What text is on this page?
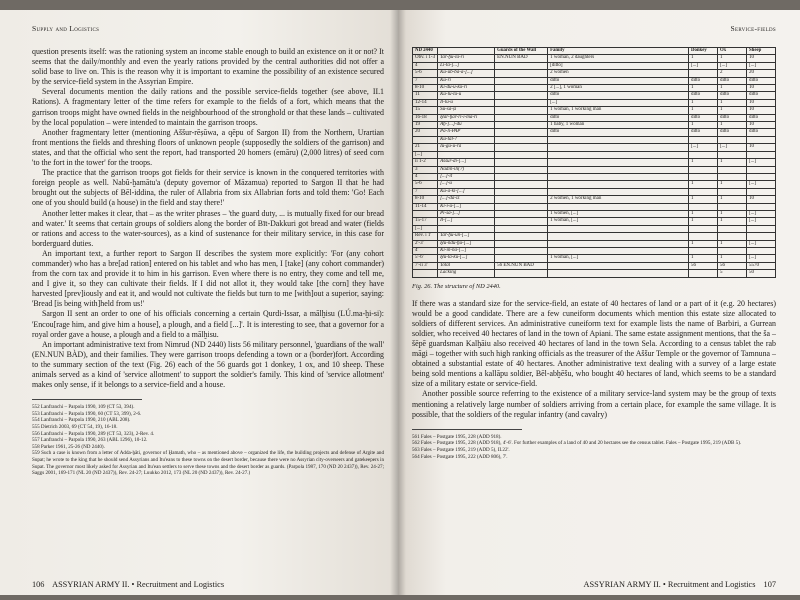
Supply and Logistics

question presents itself: was the rationing system an income stable enough to build an existence on it or not? It seems that the daily/monthly and even the yearly rations provided by the central authorities did not offer a solid base to live on. This is the reason why it is important to examine the possibility of an existence secured by the service-field system in the Assyrian Empire.

Several documents mention the daily rations and the possible service-fields together (see above, II.1 Rations). A fragmentary letter of the time refers for example to the fields of a fort, which means that the garrison troops might have owned fields in the neighbourhood of the stronghold or that these lands – cultivated by the local population – were intended to maintain the garrison troops.

Another fragmentary letter (mentioning Aššur-rēṣūwa, a qēpu of Sargon II) from the Northern, Urartian front mentions the fields and threshing floors of unknown people (supposedly the soldiers of the garrison) and states, and that the official who sent the report, had transported 20 homers (emāru) (2,000 litres) of seed corn 'to the fort in the tower' for the troops.

The practice that the garrison troops got fields for their service is known in the conquered territories with foreign people as well. Nabû-ḫamātu'a (deputy governor of Māzamua) reported to Sargon II that he had brought out the subjects of Bēl-iddina, the ruler of Allabria from six Allabrian forts and told them: 'Go! Each one of you should build (a house) in the field and stay there!'

Another letter makes it clear, that – as the writer phrases – 'the guard duty, ... is mutually fixed for our bread and water.' It seems that certain groups of soldiers along the border of Bīt-Dakkuri got bread and water (fields or rations and access to the water-sources), as a kind of sustenance for their military service, in this case for borderguard duties.

An important text, a further report to Sargon II describes the system more explicitly: 'For (any cohort commander) who has a bre[ad ration] entered on his tablet and who has men, I [take] (any cohort commander) from the corn tax and provide it to him in his garrison. Even where there is no entry, they come and tell me, and I give it, so they can cultivate their fields. If I did not allot it, they would take [the corn] they have harvested [prev]iously and eat it, and would not cultivate the fields but turn to me [with]out a superior, saying: 'Bread [is being with]held from us!'

Sargon II sent an order to one of his officials concerning a certain Qurdi-Issar, a mālḫisu (LÚ.ma-ḫi-si): 'Encou[rage him, and give him a house], a plough, and a field [...]'. It is interesting to see, that a governor for a royal order gave a house, a plough and a field to a mālḫisu.

An important administrative text from Nimrud (ND 2440) lists 56 military personnel, 'guardians of the wall' (EN.NUN BÀD), and their families. They were garrison troops defending a town or a (border)fort. According to the summary section of the text (Fig. 26) each of the 56 guards got 1 donkey, 1 ox, and 10 sheep. These animals served as a kind of 'service allotment' to support the soldier's family. This kind of 'service allotment' makes only sense, if it belongs to a service-field and a house.

552 Lanfranchi – Parpola 1990, 109 (CT 53, 394).

553 Lanfranchi – Parpola 1990, 60 (CT 53, 399), 2-6.

554 Lanfranchi – Parpola 1990, 210 (ABL 208).

555 Dietrich 2003, 69 (CT 54, 19), 16-18.

556 Lanfranchi – Parpola 1990, 289 (CT 53, 323), 2-Rev. 4.

557 Lanfranchi – Parpola 1990, 263 (ABL 1296), 10-12.

558 Parker 1961, 25-26 (ND 2440).

559 Such a case is known from a letter of Adda-ḫāti, governor of Ḫamath, who – as mentioned above – organized the life, the building projects and defense of Argite and Supat; he wrote to the king that he should send Assyrians and Itu'eans to these towns on the desert border, because there were no Assyrian city-overseers and gatekeepers in Supat. The governor most likely asked for Assyrian and Itu'ean settlers to serve these towns and the desert border as guards. (Parpola 1987, 170 (ND 20 2437)), Rev. 24-27; Saggs 2001, 169-171 (NL 20 (ND 2437)), Rev. 24-27; Luukko 2012, 173 (NL 20 (ND 2437)), Rev. 24-27.)

106 ASSYRIAN ARMY II. • Recruitment and Logistics
Service-fields
ND 2440		Guards of the Wall	Family	Donkey	Ox	Sheep
Obv. i 1-3	Tar-ḫu-la-ri	EN.NUN BÀD	1 woman, 2 daughters	1	1	10
4	Li-ta-[...]		[ditto]	[...]	[...]	[...]
5-6	Ku-ub-ba-a-[...]		2 women		2	20
7	Ku-ri		ditto	ditto	ditto	ditto
8-10	Ki-du-u-ku-ri		2 [...], 1 woman	1	1	10
11	Ku-lū-lu-u		ditto	ditto	ditto	ditto
12-14	Il-lu-u		[...]	1	1	10
15	Su-sa-ṣi		1 woman, 1 working man	1	1	10
16-18	Ḫar-ḫar-ri-i-ma-ri		ditto	ditto	ditto	ditto
19	Aḫ-[...]-du		1 baby, 1 woman	1	1	10
20	Pa-li-PAP		ditto	ditto	ditto	ditto
	Ku-tal-?					
21	Iu-gu-u-ra			[...]	[...]	10
[...]						
ii 1-2	Aššur-di-[...]			1	1	[...]
3	Nādin-ilī(?)					
4	[...]-it					
5-6	[...]-u			1	1	[...]
7	Ku-a-ki-[...]					
8-10	[...]-da-iz		2 women, 1 working man	1	1	10
11-14	Ki-i-u-[...]					
	Pi-sa-[...]		1 women, [...]	1	1	[...]
15-17	Il-[...]		1 woman, [...]	1	1	[...]
[...]						
Rev. i 1'	Tar-ḫu-un-[...]					
2'-3'	Ḫu-ndū-ḫu-[...]			1	1	[...]
4'	Ki-in-na-[...]					
5'-6'	Ḫu-ta-ku-[...]		1 woman, [...]	1	1	[...]
7'-ii 3'	Total	56 EN.NUN BÀD		56	56	5570
	Lacking				5	50
Fig. 26. The structure of ND 2440.

If there was a standard size for the service-field, an estate of 40 hectares of land or a part of it (e.g. 20 hectares) would be a good candidate. There are a few cuneiform documents which mention this estate size allocated to soldiers of different services. An administrative cuneiform text for example lists the name of Barbiri, a Gurrean soldier, who received 40 hectares of land in the town of Apiani. The same estate assignment mentions, that the ša – šēpē guardsman Kalḫāiu also received 40 hectares of land in the town Sela. According to a census tablet the rab māgi – together with such high ranking officials as the treasurer of the Aššur Temple or the governor of Tamnuna – obtained a substantial estate of 40 hectares. Another administrative text dealing with a survey of a large estate being sold mentions a kallāpu soldier, Bēl-abḫēšu, who bought 40 hectares of land, which seems to be a standard size of a military estate or service-field.

Another possible source referring to the existence of a military service-land system may be the group of texts mentioning a relatively large number of soldiers arriving from a certain place, for example the same village. It is possible, that the soldiers of the regular infantry (and cavalry)

561 Fales – Postgate 1995, 228 (ADD 918).

562 Fales – Postgate 1995, 228 (ADD 918), 4'-6'. For further examples of a land of 40 and 20 hectares see the census tablet. Fales – Postgate 1995, 219 (ADB 5).

563 Fales – Postgate 1995, 219 (ADD 5), II.22'.

564 Fales – Postgate 1995, 222 (ADD 806), 7'.

ASSYRIAN ARMY II. • Recruitment and Logistics 107
